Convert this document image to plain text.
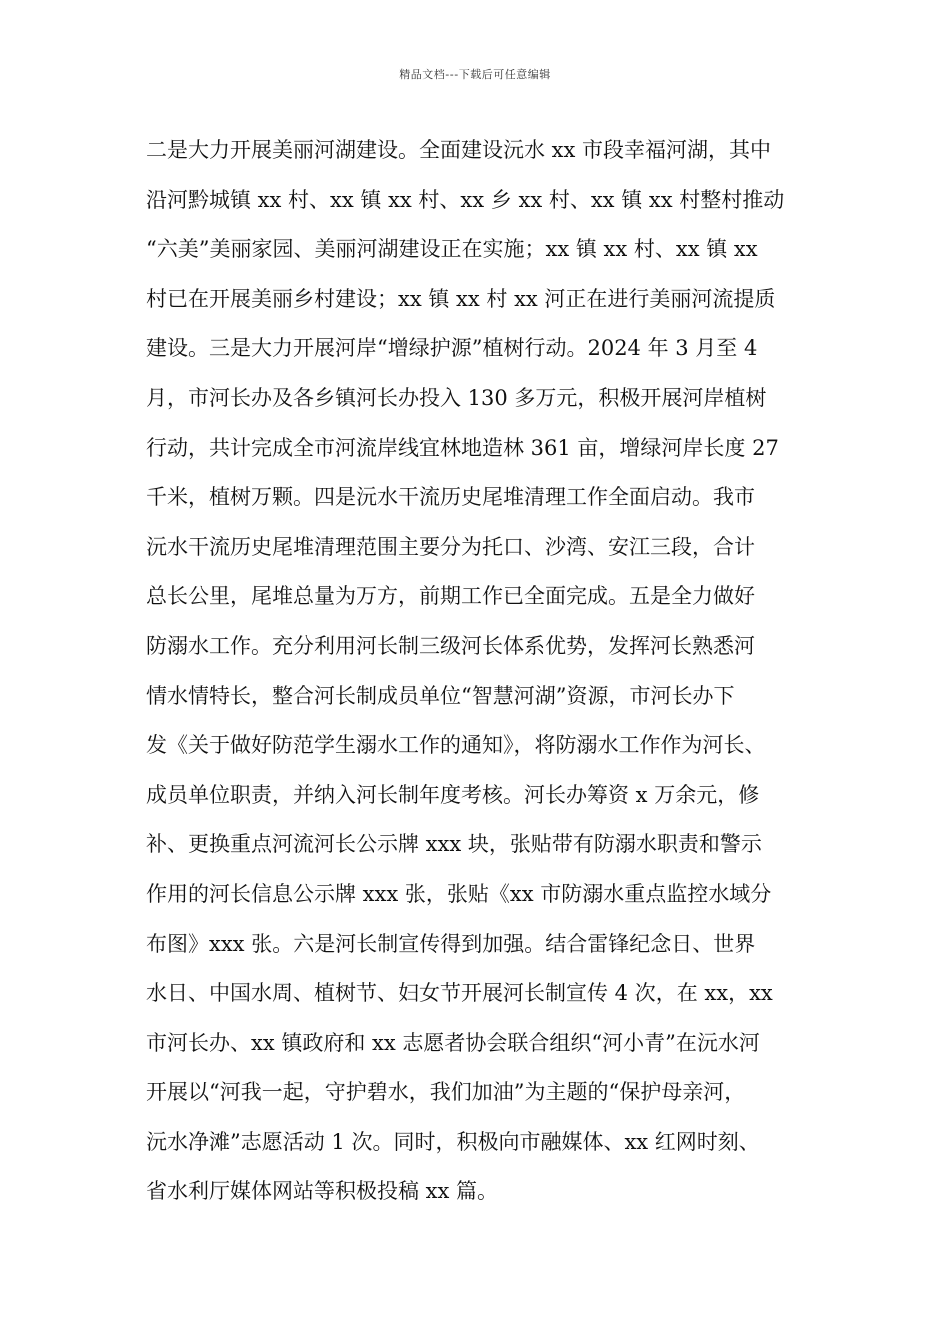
精品文档---下载后可任意编辑
二是大力开展美丽河湖建设。全面建设沅水 xx 市段幸福河湖，其中
沿河黔城镇 xx 村、xx 镇 xx 村、xx 乡 xx 村、xx 镇 xx 村整村推动
“六美”美丽家园、美丽河湖建设正在实施；xx 镇 xx 村、xx 镇 xx
村已在开展美丽乡村建设；xx 镇 xx 村 xx 河正在进行美丽河流提质
建设。三是大力开展河岸“增绿护源”植树行动。2024 年 3 月至 4
月，市河长办及各乡镇河长办投入 130 多万元，积极开展河岸植树
行动，共计完成全市河流岸线宜林地造林 361 亩，增绿河岸长度 27
千米，植树万颗。四是沅水干流历史尾堆清理工作全面启动。我市
沅水干流历史尾堆清理范围主要分为托口、沙湾、安江三段，合计
总长公里，尾堆总量为万方，前期工作已全面完成。五是全力做好
防溺水工作。充分利用河长制三级河长体系优势，发挥河长熟悉河
情水情特长，整合河长制成员单位“智慧河湖”资源，市河长办下
发《关于做好防范学生溺水工作的通知》，将防溺水工作作为河长、
成员单位职责，并纳入河长制年度考核。河长办筹资 x 万余元，修
补、更换重点河流河长公示牌 xxx 块，张贴带有防溺水职责和警示
作用的河长信息公示牌 xxx 张，张贴《xx 市防溺水重点监控水域分
布图》xxx 张。六是河长制宣传得到加强。结合雷锋纪念日、世界
水日、中国水周、植树节、妇女节开展河长制宣传 4 次，在 xx，xx
市河长办、xx 镇政府和 xx 志愿者协会联合组织“河小青”在沅水河
开展以“河我一起，守护碧水，我们加油”为主题的“保护母亲河，
沅水净滩”志愿活动 1 次。同时，积极向市融媒体、xx 红网时刻、
省水利厅媒体网站等积极投稿 xx 篇。
